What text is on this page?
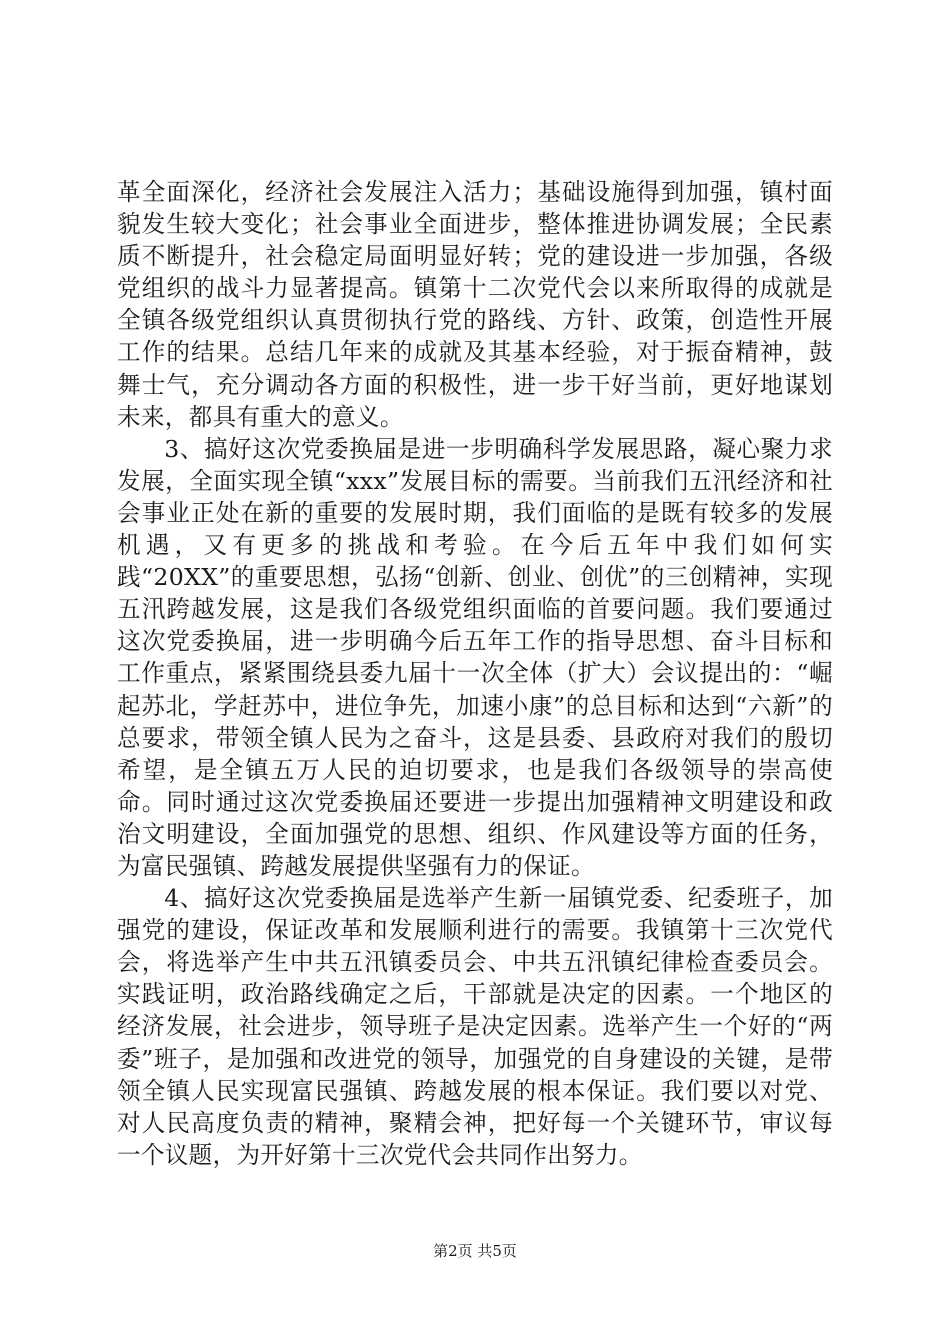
革全面深化，经济社会发展注入活力；基础设施得到加强，镇村面貌发生较大变化；社会事业全面进步，整体推进协调发展；全民素质不断提升，社会稳定局面明显好转；党的建设进一步加强，各级党组织的战斗力显著提高。镇第十二次党代会以来所取得的成就是全镇各级党组织认真贯彻执行党的路线、方针、政策，创造性开展工作的结果。总结几年来的成就及其基本经验，对于振奋精神，鼓舞士气，充分调动各方面的积极性，进一步干好当前，更好地谋划未来，都具有重大的意义。

3、搞好这次党委换届是进一步明确科学发展思路，凝心聚力求发展，全面实现全镇“xxx”发展目标的需要。当前我们五汛经济和社会事业正处在新的重要的发展时期，我们面临的是既有较多的发展机遇，又有更多的挑战和考验。在今后五年中我们如何实践“20XX”的重要思想，弘扬“创新、创业、创优”的三创精神，实现五汛跨越发展，这是我们各级党组织面临的首要问题。我们要通过这次党委换届，进一步明确今后五年工作的指导思想、奋斗目标和工作重点，紧紧围绕县委九届十一次全体（扩大）会议提出的：“崛起苏北，学赶苏中，进位争先，加速小康”的总目标和达到“六新”的总要求，带领全镇人民为之奋斗，这是县委、县政府对我们的殷切希望，是全镇五万人民的迫切要求，也是我们各级领导的崇高使命。同时通过这次党委换届还要进一步提出加强精神文明建设和政治文明建设，全面加强党的思想、组织、作风建设等方面的任务，为富民强镇、跨越发展提供坚强有力的保证。

4、搞好这次党委换届是选举产生新一届镇党委、纪委班子，加强党的建设，保证改革和发展顺利进行的需要。我镇第十三次党代会，将选举产生中共五汛镇委员会、中共五汛镇纪律检查委员会。实践证明，政治路线确定之后，干部就是决定的因素。一个地区的经济发展，社会进步，领导班子是决定因素。选举产生一个好的“两委”班子，是加强和改进党的领导，加强党的自身建设的关键，是带领全镇人民实现富民强镇、跨越发展的根本保证。我们要以对党、对人民高度负责的精神，聚精会神，把好每一个关键环节，审议每一个议题，为开好第十三次党代会共同作出努力。

第2页 共5页
